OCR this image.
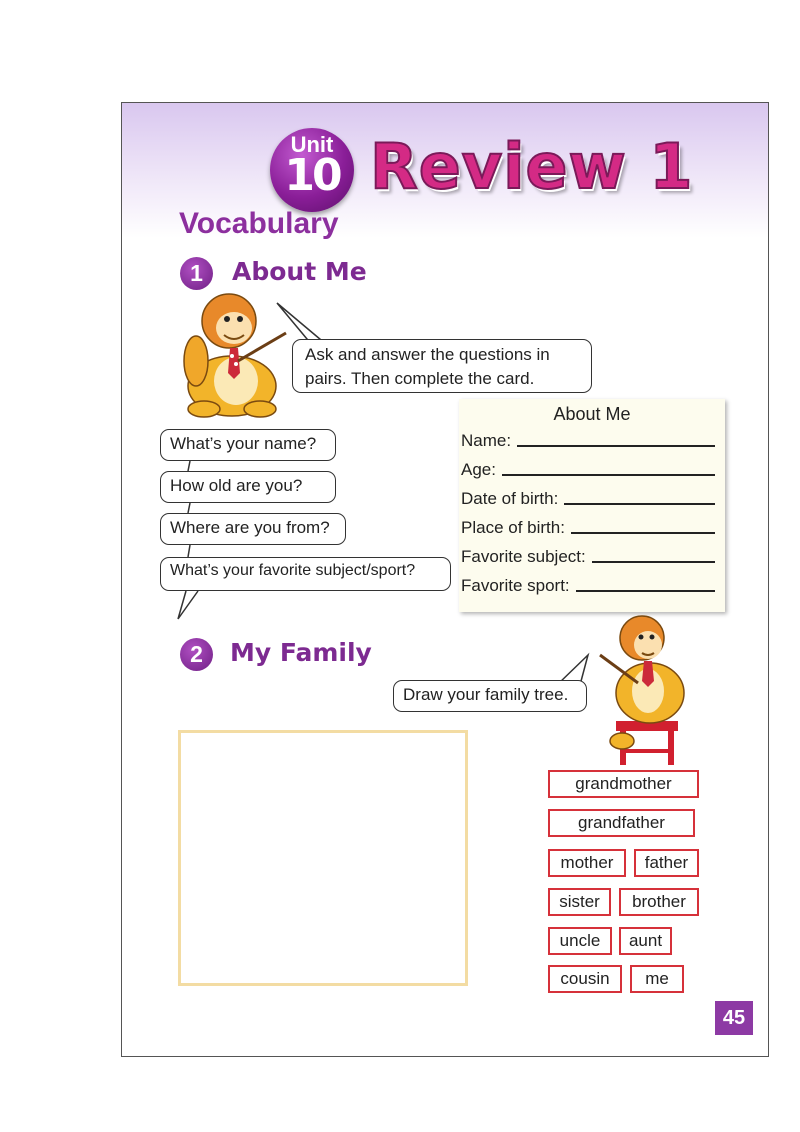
Unit
10 Review 1
Vocabulary
1	About Me
Ask and answer the questions in pairs. Then complete the card.
What’s your name?
How old are you?
Where are you from?
What’s your favorite subject/sport?
About Me
Name:
Age:
Date of birth:
Place of birth:
Favorite subject:
Favorite sport:
2	My Family
Draw your family tree.
grandmother
grandfather
mother	father
sister	brother
uncle	aunt
cousin	me
45
